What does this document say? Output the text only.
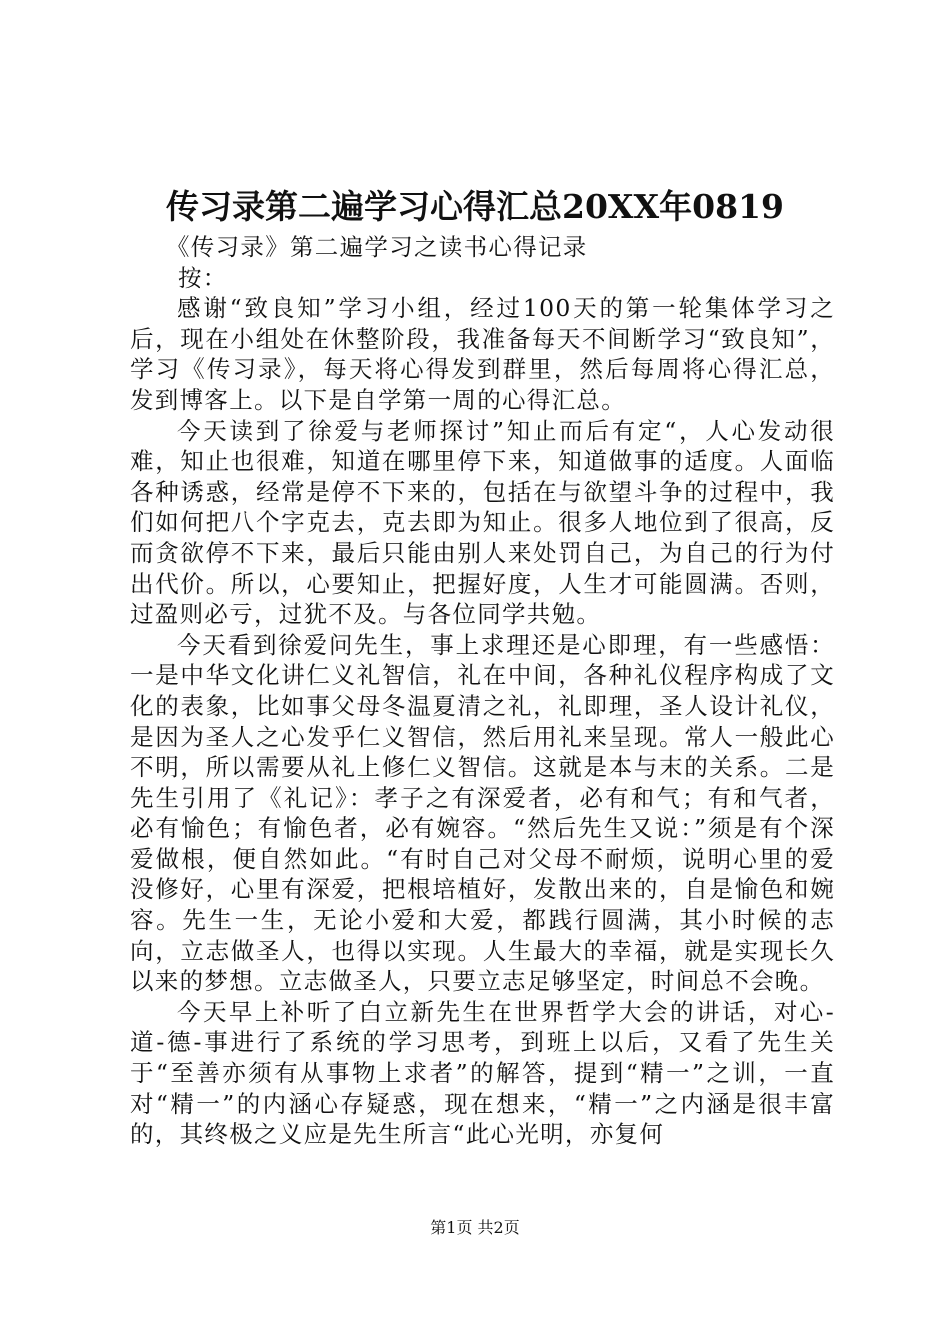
传习录第二遍学习心得汇总20XX年0819
《传习录》第二遍学习之读书心得记录
按：

感谢“致良知”学习小组，经过100天的第一轮集体学习之后，现在小组处在休整阶段，我准备每天不间断学习“致良知”，学习《传习录》，每天将心得发到群里，然后每周将心得汇总，发到博客上。以下是自学第一周的心得汇总。

今天读到了徐爱与老师探讨”知止而后有定“，人心发动很难，知止也很难，知道在哪里停下来，知道做事的适度。人面临各种诱惑，经常是停不下来的，包括在与欲望斗争的过程中，我们如何把八个字克去，克去即为知止。很多人地位到了很高，反而贪欲停不下来，最后只能由别人来处罚自己，为自己的行为付出代价。所以，心要知止，把握好度，人生才可能圆满。否则，过盈则必亏，过犹不及。与各位同学共勉。

今天看到徐爱问先生，事上求理还是心即理，有一些感悟：一是中华文化讲仁义礼智信，礼在中间，各种礼仪程序构成了文化的表象，比如事父母冬温夏清之礼，礼即理，圣人设计礼仪，是因为圣人之心发乎仁义智信，然后用礼来呈现。常人一般此心不明，所以需要从礼上修仁义智信。这就是本与末的关系。二是先生引用了《礼记》：孝子之有深爱者，必有和气；有和气者，必有愉色；有愉色者，必有婉容。“然后先生又说：”须是有个深爱做根，便自然如此。“有时自己对父母不耐烦，说明心里的爱没修好，心里有深爱，把根培植好，发散出来的，自是愉色和婉容。先生一生，无论小爱和大爱，都践行圆满，其小时候的志向，立志做圣人，也得以实现。人生最大的幸福，就是实现长久以来的梦想。立志做圣人，只要立志足够坚定，时间总不会晚。

今天早上补听了白立新先生在世界哲学大会的讲话，对心-道-德-事进行了系统的学习思考，到班上以后，又看了先生关于“至善亦须有从事物上求者”的解答，提到“精一”之训，一直对“精一”的内涵心存疑惑，现在想来，“精一”之内涵是很丰富的，其终极之义应是先生所言“此心光明，亦复何

第1页 共2页
